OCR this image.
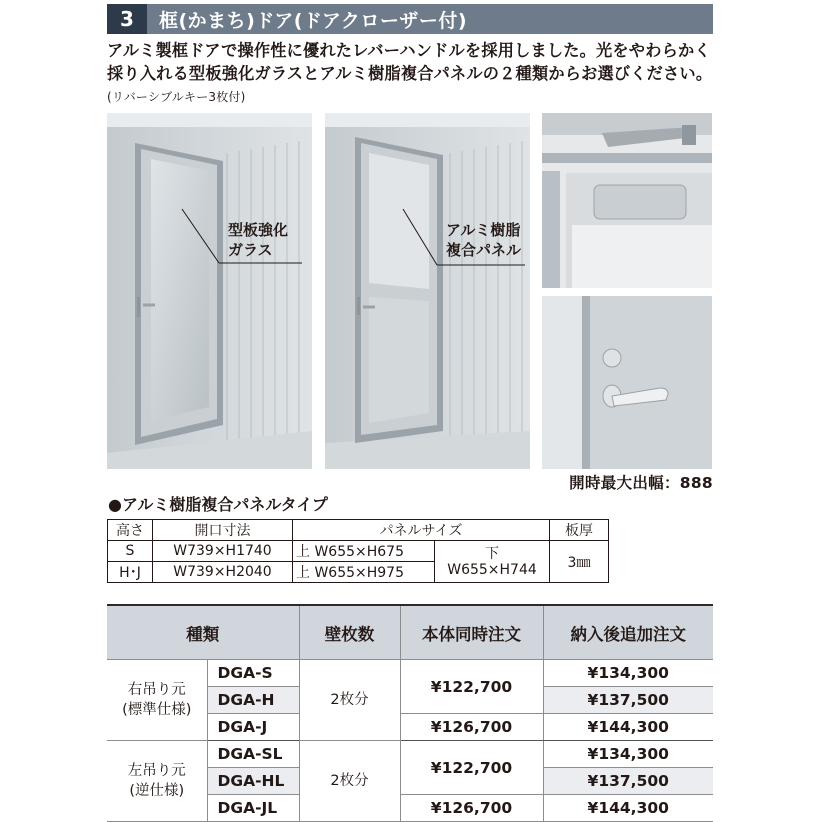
3	框(かまち)ドア(ドアクローザー付)
アルミ製框ドアで操作性に優れたレバーハンドルを採用しました。光をやわらかく採り入れる型板強化ガラスとアルミ樹脂複合パネルの２種類からお選びください。(リバーシブルキー3枚付)
型板強化
ガラス
アルミ樹脂
複合パネル
開時最大出幅：888
●アルミ樹脂複合パネルタイプ
高さ	開口寸法	パネルサイズ		板厚
S	W739×H1740	上 W655×H675	下
W655×H744	3㎜
H･J	W739×H2040	上 W655×H975		
種類		壁枚数	本体同時注文	納入後追加注文

右吊り元
(標準仕様)	DGA-S	2枚分	¥122,700	¥134,300
	DGA-H			¥137,500
	DGA-J		¥126,700	¥144,300

左吊り元
(逆仕様)	DGA-SL	2枚分	¥122,700	¥134,300
	DGA-HL			¥137,500
	DGA-JL		¥126,700	¥144,300
